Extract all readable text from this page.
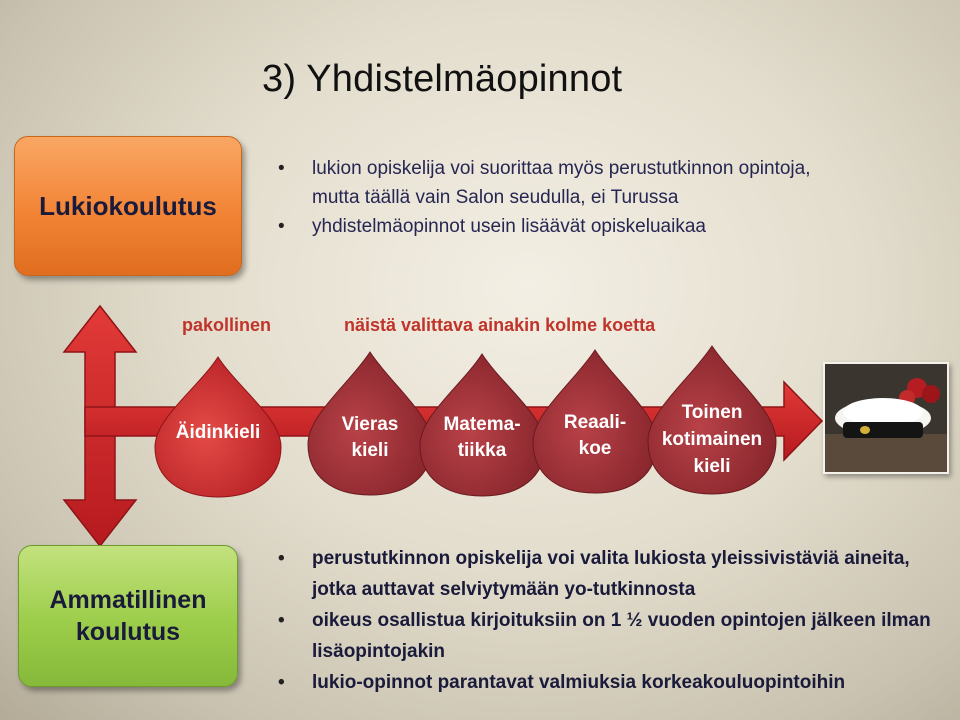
3) Yhdistelmäopinnot
Lukiokoulutus
• lukion opiskelija voi suorittaa myös perustutkinnon opintoja, mutta täällä vain Salon seudulla, ei Turussa
• yhdistelmäopinnot usein lisäävät opiskeluaikaa
pakollinen	näistä valittava ainakin kolme koetta
Äidinkieli	Vieras
kieli
Matema-
tiikka
Reaali-
koe
Toinen
kotimainen
kieli
Ammatillinen
koulutus
• perustutkinnon opiskelija voi valita lukiosta yleissivistäviä aineita, jotka auttavat selviytymään yo-tutkinnosta
• oikeus osallistua kirjoituksiin on 1 ½ vuoden opintojen jälkeen ilman lisäopintojakin
• lukio-opinnot parantavat valmiuksia korkeakouluopintoihin
